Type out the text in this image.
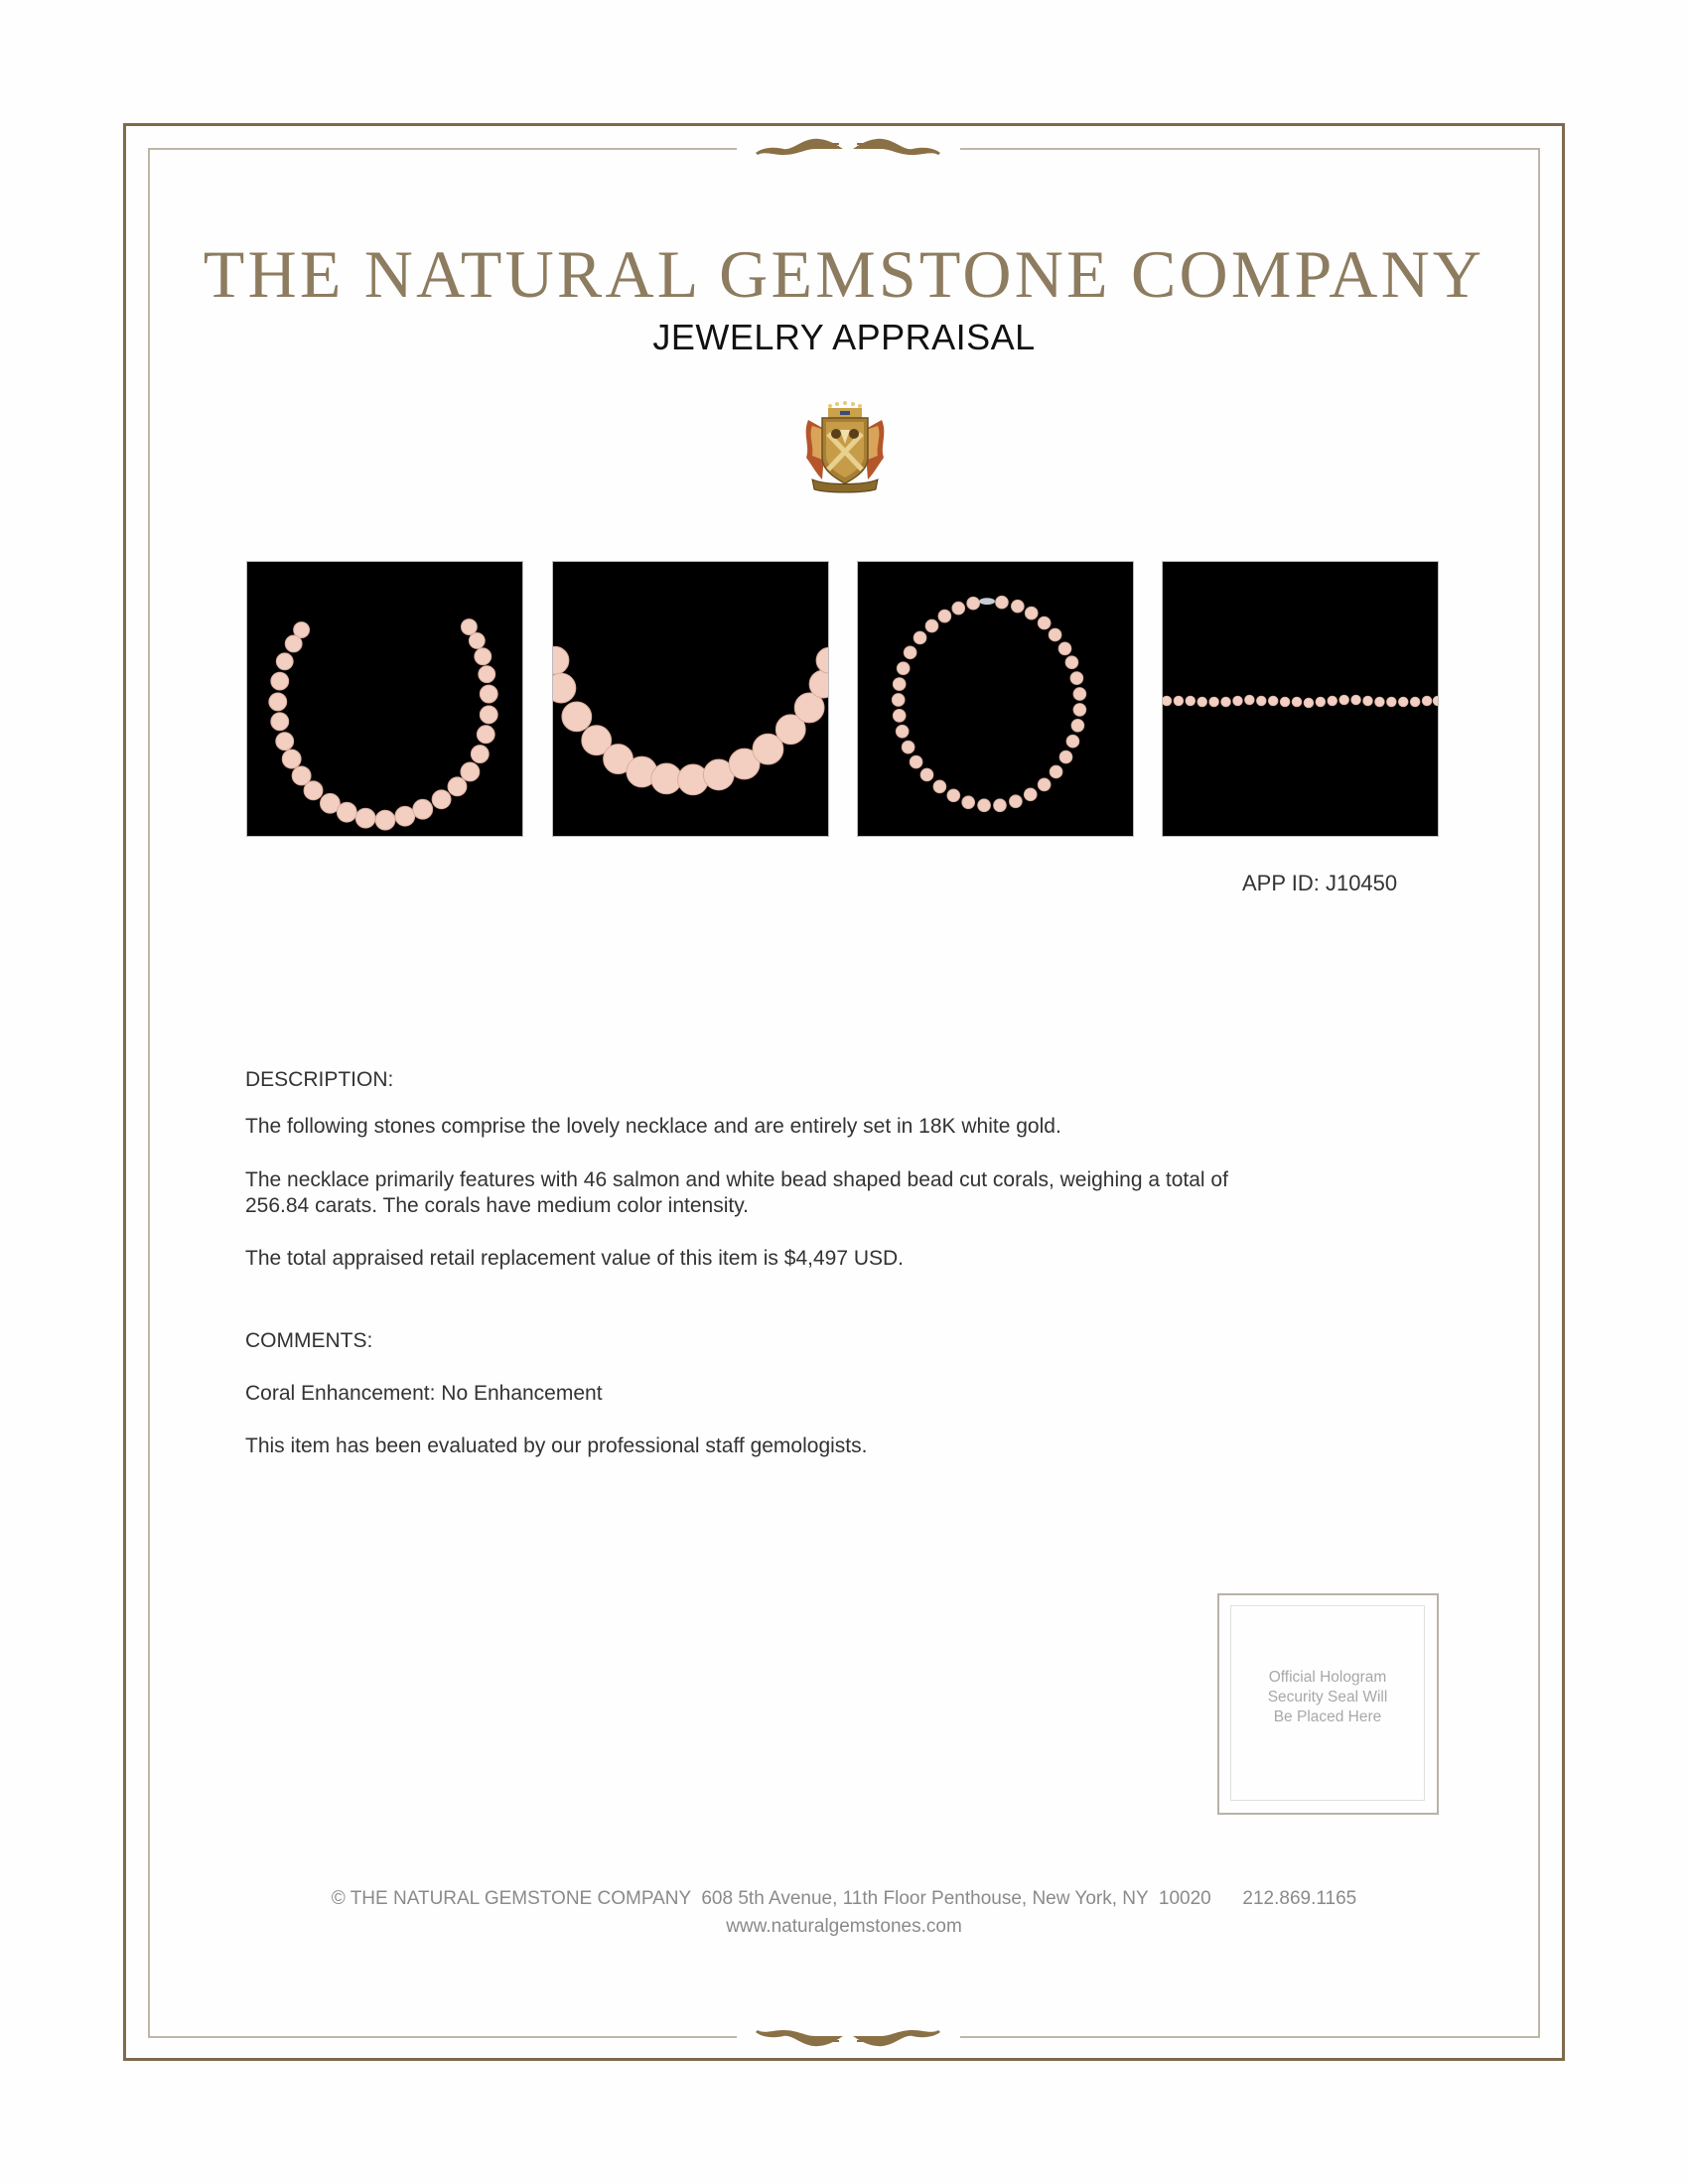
THE NATURAL GEMSTONE COMPANY
JEWELRY APPRAISAL
APP ID: J10450
DESCRIPTION:
The following stones comprise the lovely necklace and are entirely set in 18K white gold.
The necklace primarily features with 46 salmon and white bead shaped bead cut corals, weighing a total of
256.84 carats. The corals have medium color intensity.
The total appraised retail replacement value of this item is $4,497 USD.
COMMENTS:
Coral Enhancement: No Enhancement
This item has been evaluated by our professional staff gemologists.
Official Hologram
Security Seal Will
Be Placed Here
© THE NATURAL GEMSTONE COMPANY  608 5th Avenue, 11th Floor Penthouse, New York, NY  10020      212.869.1165
www.naturalgemstones.com
